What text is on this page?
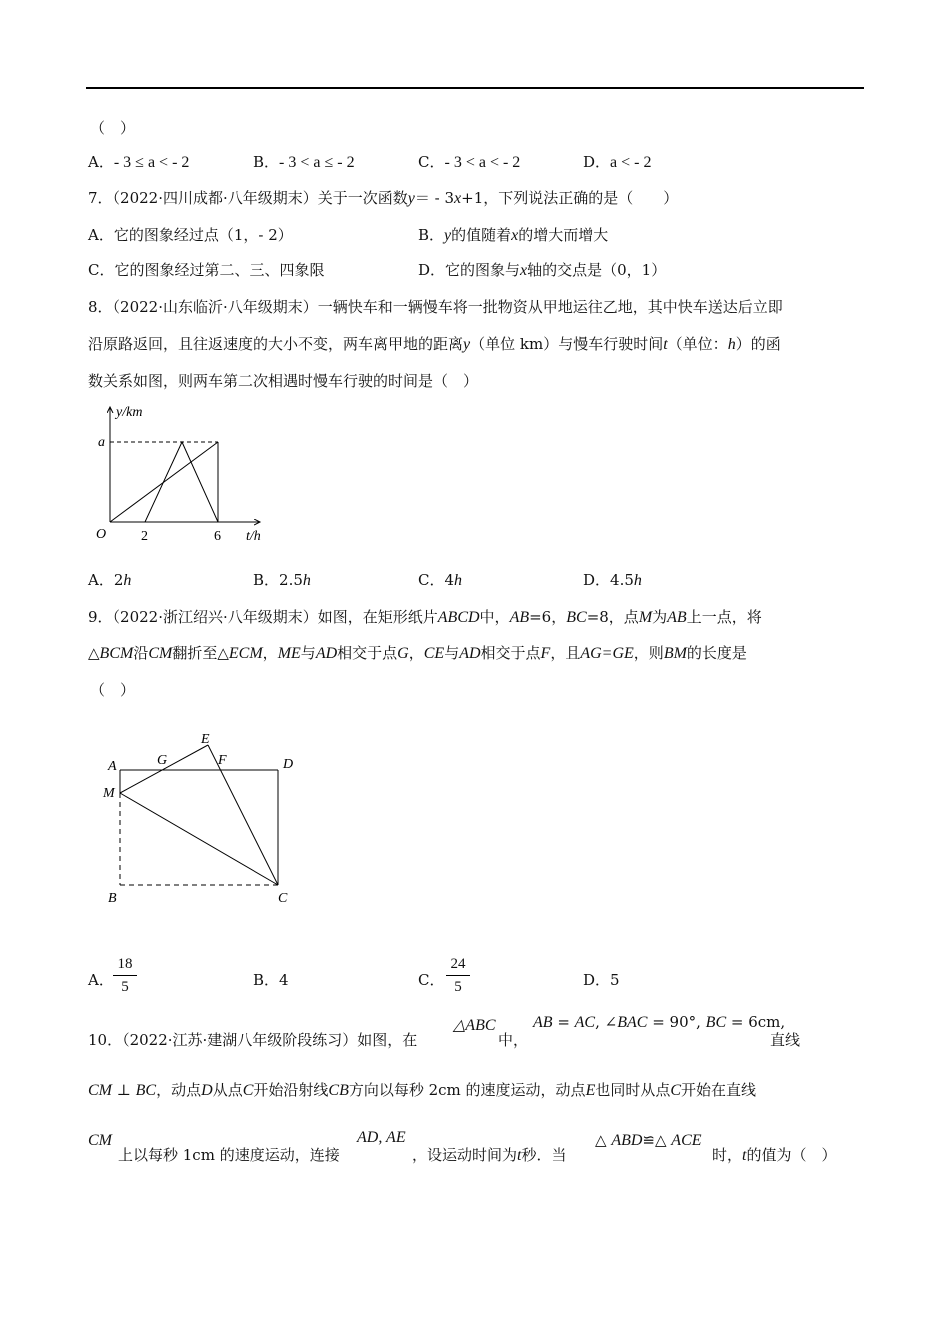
（　）
A．- 3 ≤ a < - 2	B．- 3 < a ≤ - 2	C．- 3 < a < - 2	D．a < - 2
y/km
a
O 2	6 t/h
A	G
E
F	D
M
B	C
A．
18
5	C．
24
5
7．（2022·四川成都·八年级期末）关于一次函数y＝ - 3x+1，下列说法正确的是（　　）
A．它的图象经过点（1，- 2）	B．y的值随着x的增大而增大
C．它的图象经过第二、三、四象限	D．它的图象与x轴的交点是（0，1）
8．（2022·山东临沂·八年级期末）一辆快车和一辆慢车将一批物资从甲地运往乙地，其中快车送达后立即
沿原路返回，且往返速度的大小不变，两车离甲地的距离y（单位 km）与慢车行驶时间t（单位：h）的函
数关系如图，则两车第二次相遇时慢车行驶的时间是（　）
A．2h	B．2.5h	C．4h	D．4.5h
9．（2022·浙江绍兴·八年级期末）如图，在矩形纸片ABCD中，AB=6，BC=8，点M为AB上一点，将
△BCM沿CM翻折至△ECM，ME与AD相交于点G，CE与AD相交于点F，且AG=GE，则BM的长度是
（　）
B．4	D．5
10．（2022·江苏·建湖八年级阶段练习）如图，在
△ABC
中，
AB = AC, ∠BAC = 90°, BC = 6cm,
直线
CM ⊥ BC，动点D从点C开始沿射线CB方向以每秒 2cm 的速度运动，动点E也同时从点C开始在直线
CM
上以每秒 1cm 的速度运动，连接
AD, AE
，设运动时间为t秒．当
△ ABD≌△ ACE
时，t的值为（　）
